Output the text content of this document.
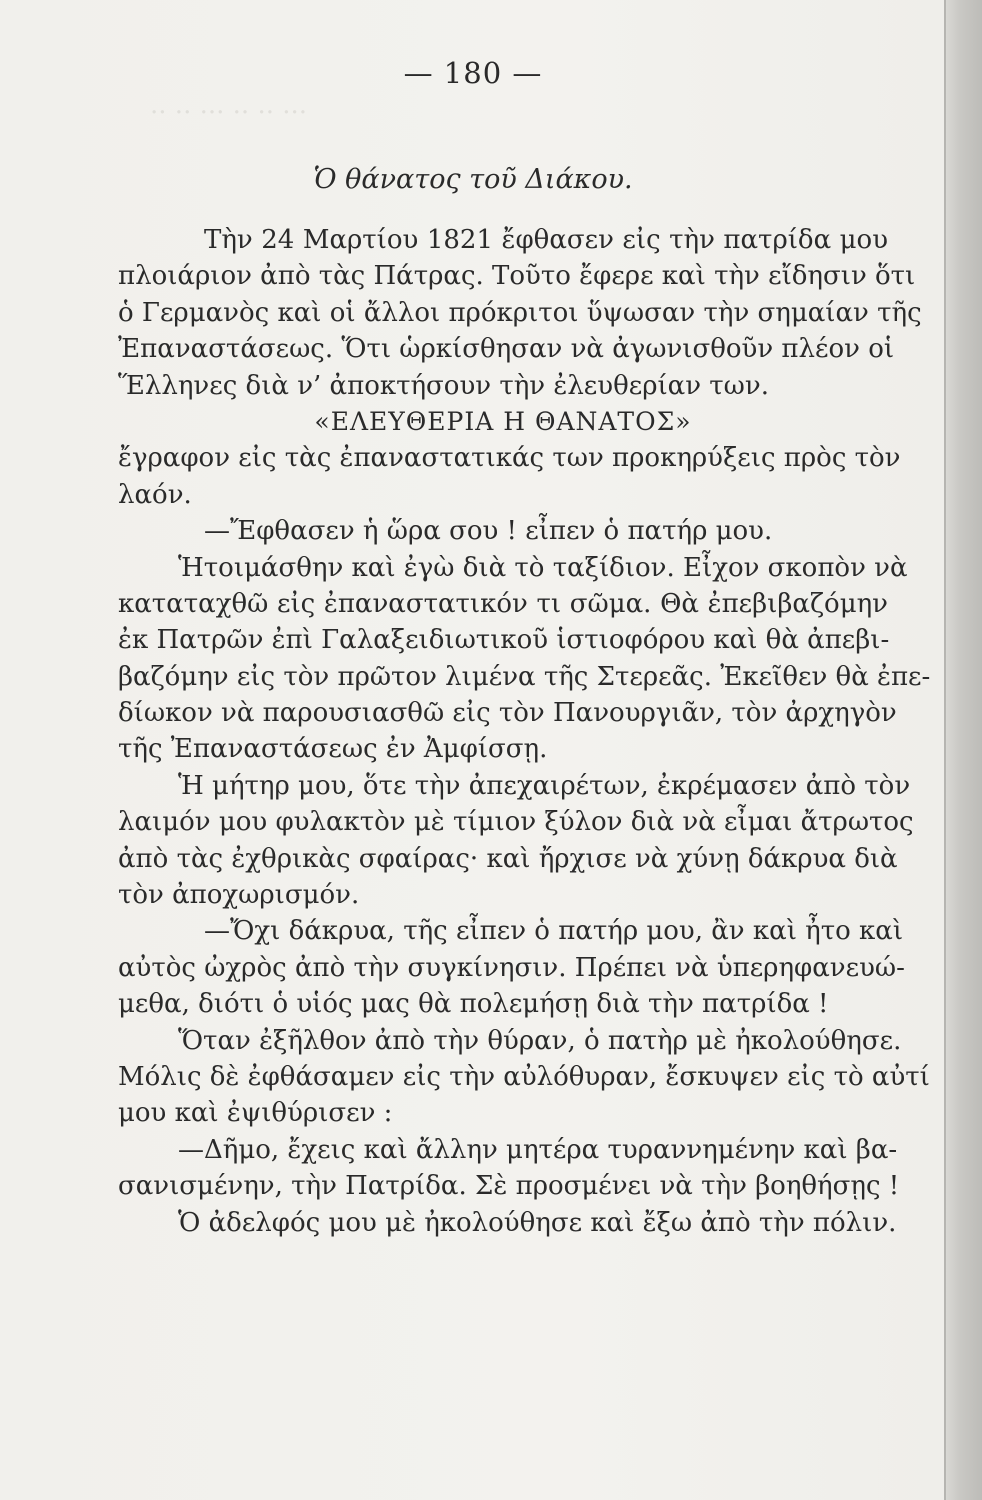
··· ·· ·· ··· ·· ··
— 180 —
Ὁ θάνατος τοῦ Διάκου.
Τὴν 24 Μαρτίου 1821 ἔφθασεν εἰς τὴν πατρίδα μου
πλοιάριον ἀπὸ τὰς Πάτρας. Τοῦτο ἔφερε καὶ τὴν εἴδησιν ὅτι
ὁ Γερμανὸς καὶ οἱ ἄλλοι πρόκριτοι ὕψωσαν τὴν σημαίαν τῆς
Ἐπαναστάσεως. Ὅτι ὡρκίσθησαν νὰ ἀγωνισθοῦν πλέον οἱ
Ἕλληνες διὰ ν’ ἀποκτήσουν τὴν ἐλευθερίαν των.
«ΕΛΕΥΘΕΡΙΑ Η ΘΑΝΑΤΟΣ»
ἔγραφον εἰς τὰς ἐπαναστατικάς των προκηρύξεις πρὸς τὸν
λαόν.
—Ἔφθασεν ἡ ὥρα σου ! εἶπεν ὁ πατήρ μου.
Ἡτοιμάσθην καὶ ἐγὼ διὰ τὸ ταξίδιον. Εἶχον σκοπὸν νὰ
καταταχθῶ εἰς ἐπαναστατικόν τι σῶμα. Θὰ ἐπεβιβαζόμην
ἐκ Πατρῶν ἐπὶ Γαλαξειδιωτικοῦ ἱστιοφόρου καὶ θὰ ἀπεβι-
βαζόμην εἰς τὸν πρῶτον λιμένα τῆς Στερεᾶς. Ἐκεῖθεν θὰ ἐπε-
δίωκον νὰ παρουσιασθῶ εἰς τὸν Πανουργιᾶν, τὸν ἀρχηγὸν
τῆς Ἐπαναστάσεως ἐν Ἀμφίσσῃ.
Ἡ μήτηρ μου, ὅτε τὴν ἀπεχαιρέτων, ἐκρέμασεν ἀπὸ τὸν
λαιμόν μου φυλακτὸν μὲ τίμιον ξύλον διὰ νὰ εἶμαι ἄτρωτος
ἀπὸ τὰς ἐχθρικὰς σφαίρας· καὶ ἤρχισε νὰ χύνῃ δάκρυα διὰ
τὸν ἀποχωρισμόν.
—Ὄχι δάκρυα, τῆς εἶπεν ὁ πατήρ μου, ἂν καὶ ἦτο καὶ
αὐτὸς ὠχρὸς ἀπὸ τὴν συγκίνησιν. Πρέπει νὰ ὑπερηφανευώ-
μεθα, διότι ὁ υἱός μας θὰ πολεμήσῃ διὰ τὴν πατρίδα !
Ὅταν ἐξῆλθον ἀπὸ τὴν θύραν, ὁ πατὴρ μὲ ἠκολούθησε.
Μόλις δὲ ἐφθάσαμεν εἰς τὴν αὐλόθυραν, ἔσκυψεν εἰς τὸ αὐτί
μου καὶ ἐψιθύρισεν :
—Δῆμο, ἔχεις καὶ ἄλλην μητέρα τυραννημένην καὶ βα-
σανισμένην, τὴν Πατρίδα. Σὲ προσμένει νὰ τὴν βοηθήσῃς !
Ὁ ἀδελφός μου μὲ ἠκολούθησε καὶ ἔξω ἀπὸ τὴν πόλιν.
